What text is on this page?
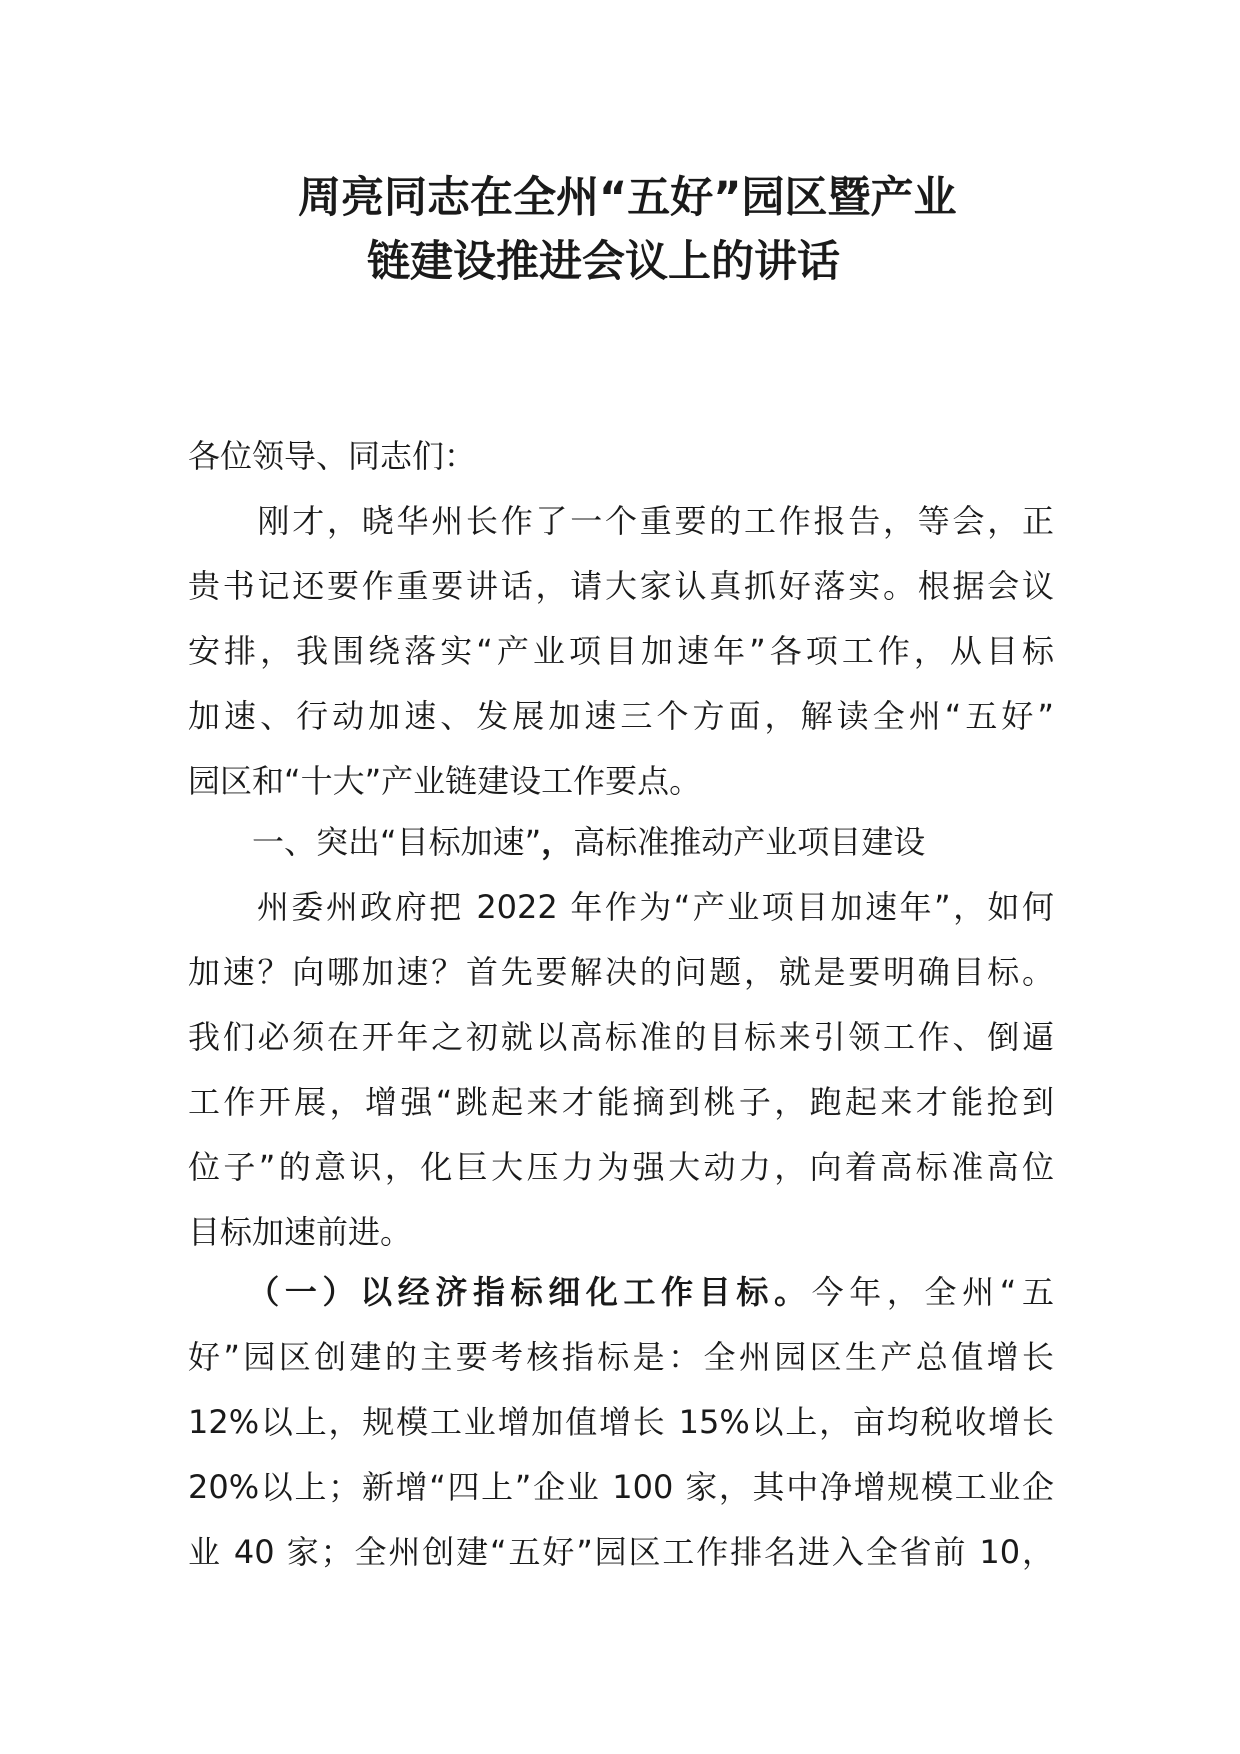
周亮同志在全州“五好”园区暨产业
链建设推进会议上的讲话
各位领导、同志们：
　　刚才，晓华州长作了一个重要的工作报告，等会，正
贵书记还要作重要讲话，请大家认真抓好落实。根据会议
安排，我围绕落实“产业项目加速年”各项工作，从目标
加速、行动加速、发展加速三个方面，解读全州“五好”
园区和“十大”产业链建设工作要点。
一、突出“目标加速”，高标准推动产业项目建设
　　州委州政府把 2022 年作为“产业项目加速年”，如何
加速？向哪加速？首先要解决的问题，就是要明确目标。
我们必须在开年之初就以高标准的目标来引领工作、倒逼
工作开展，增强“跳起来才能摘到桃子，跑起来才能抢到
位子”的意识，化巨大压力为强大动力，向着高标准高位
目标加速前进。
　　（一）以经济指标细化工作目标。今年，全州“五
好”园区创建的主要考核指标是：全州园区生产总值增长
12%以上，规模工业增加值增长 15%以上，亩均税收增长
20%以上；新增“四上”企业 100 家，其中净增规模工业企
业 40 家；全州创建“五好”园区工作排名进入全省前 10，
